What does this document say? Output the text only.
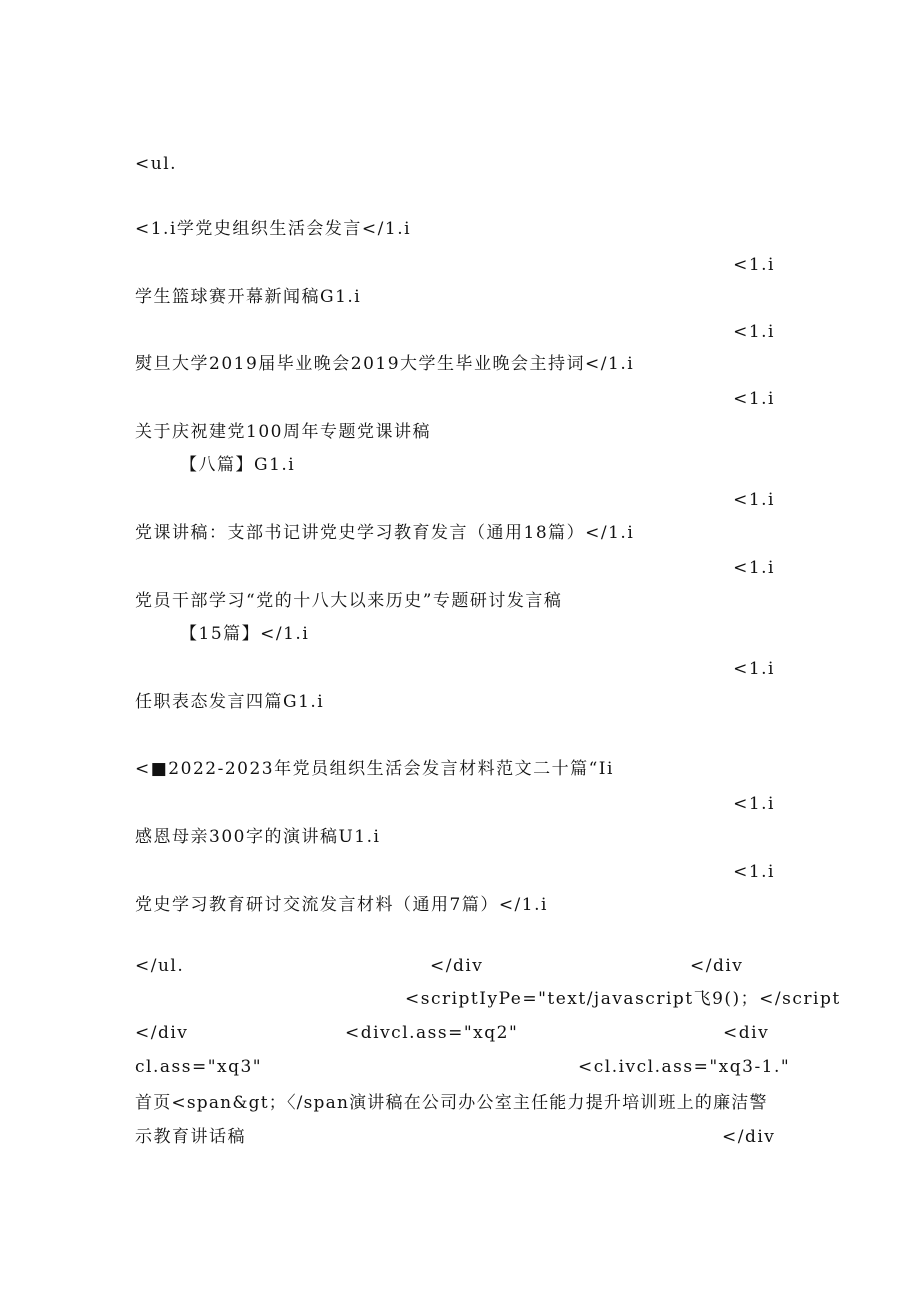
<ul.
<1.i学党史组织生活会发言</1.i
<1.i
学生篮球赛开幕新闻稿G1.i
<1.i
熨旦大学2019届毕业晚会2019大学生毕业晚会主持词</1.i
<1.i
关于庆祝建党100周年专题党课讲稿
【八篇】G1.i
<1.i
党课讲稿：支部书记讲党史学习教育发言（通用18篇）</1.i
<1.i
党员干部学习“党的十八大以来历史”专题研讨发言稿
【15篇】</1.i
<1.i
任职表态发言四篇G1.i
<■2022-2023年党员组织生活会发言材料范文二十篇“Ii
<1.i
感恩母亲300字的演讲稿U1.i
<1.i
党史学习教育研讨交流发言材料（通用7篇）</1.i
</ul.	</div	</div
<scriptIyPe="text/javascript飞9()；</script
</div	<divcl.ass="xq2"	<div
cl.ass="xq3"	<cl.ivcl.ass="xq3-1."
首页<span&gt；〈/span演讲稿在公司办公室主任能力提升培训班上的廉洁警
示教育讲话稿	</div
